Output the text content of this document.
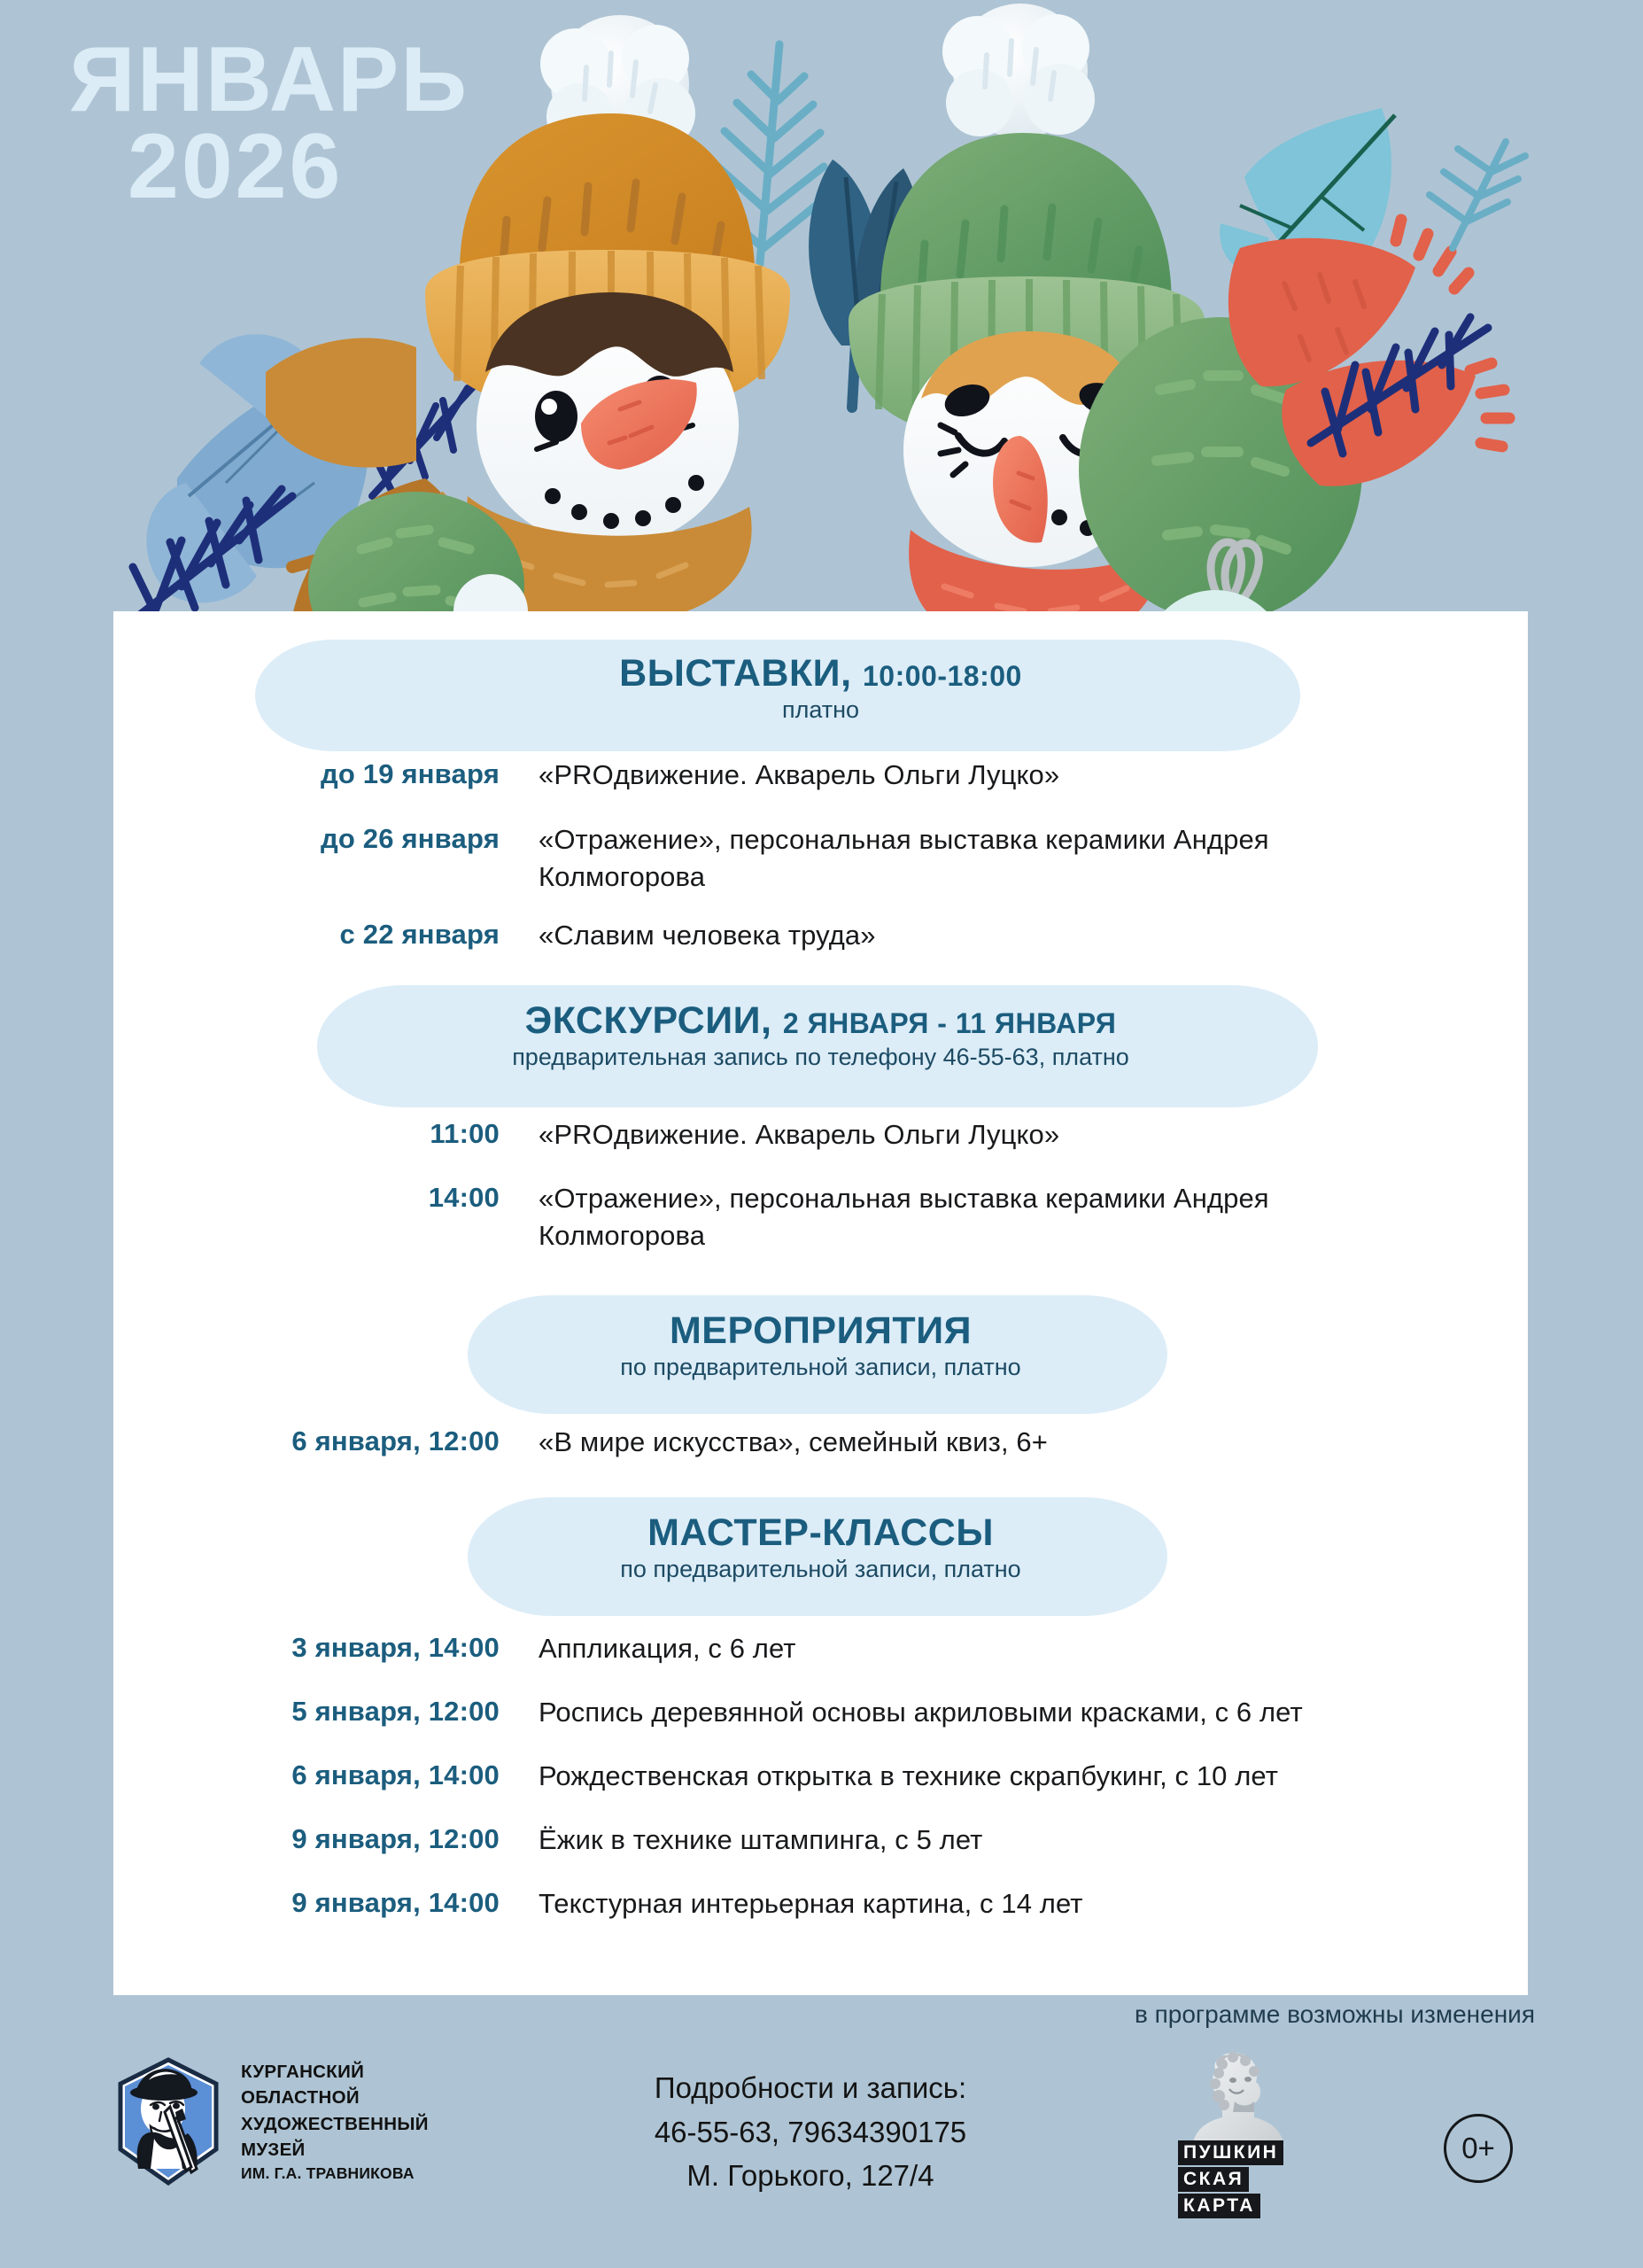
ЯНВАРЬ
2026
ВЫСТАВКИ, 10:00-18:00
платно
до 19 января «PROдвижение. Акварель Ольги Луцко»
до 26 января «Отражение», персональная выставка керамики Андрея Колмогорова
с 22 января «Славим человека труда»
ЭКСКУРСИИ, 2 ЯНВАРЯ - 11 ЯНВАРЯ
предварительная запись по телефону 46-55-63, платно
11:00 «PROдвижение. Акварель Ольги Луцко»
14:00 «Отражение», персональная выставка керамики Андрея Колмогорова
МЕРОПРИЯТИЯ
по предварительной записи, платно
6 января, 12:00 «В мире искусства», семейный квиз, 6+
МАСТЕР-КЛАССЫ
по предварительной записи, платно
3 января, 14:00 Аппликация, с 6 лет
5 января, 12:00 Роспись деревянной основы акриловыми красками, с 6 лет
6 января, 14:00 Рождественская открытка в технике скрапбукинг, с 10 лет
9 января, 12:00 Ёжик в технике штампинга, с 5 лет
9 января, 14:00 Текстурная интерьерная картина, с 14 лет
в программе возможны изменения
КУРГАНСКИЙ
ОБЛАСТНОЙ
ХУДОЖЕСТВЕННЫЙ
МУЗЕЙ
ИМ. Г.А. ТРАВНИКОВА
Подробности и запись:
46-55-63, 79634390175
М. Горького, 127/4
ПУШКИН
СКАЯ
КАРТА
0+
